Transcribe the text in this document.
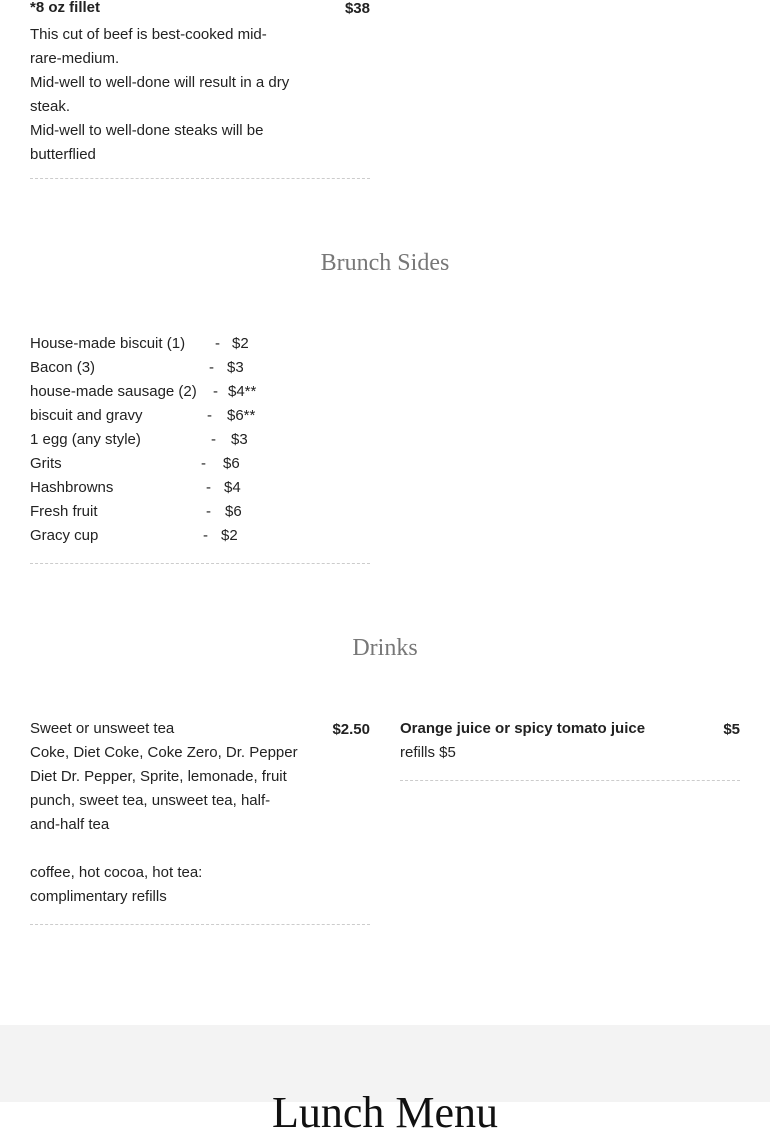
*8 oz fillet	$38
This cut of beef is best-cooked mid-rare-medium.
Mid-well to well-done will result in a dry steak.
Mid-well to well-done steaks will be butterflied
Brunch Sides
House-made biscuit (1) - $2
Bacon (3)	- $3
house-made sausage (2) - $4**
biscuit and gravy	- $6**
1 egg (any style)	- $3
Grits	- $6
Hashbrowns	- $4
Fresh fruit	- $6
Gracy cup	- $2
Drinks
Sweet or unsweet tea	$2.50
Coke, Diet Coke, Coke Zero, Dr. Pepper Diet Dr. Pepper, Sprite, lemonade, fruit punch, sweet tea, unsweet tea, half-and-half tea
coffee, hot cocoa, hot tea: complimentary refills
Orange juice or spicy tomato juice	$5
refills $5
Lunch Menu
